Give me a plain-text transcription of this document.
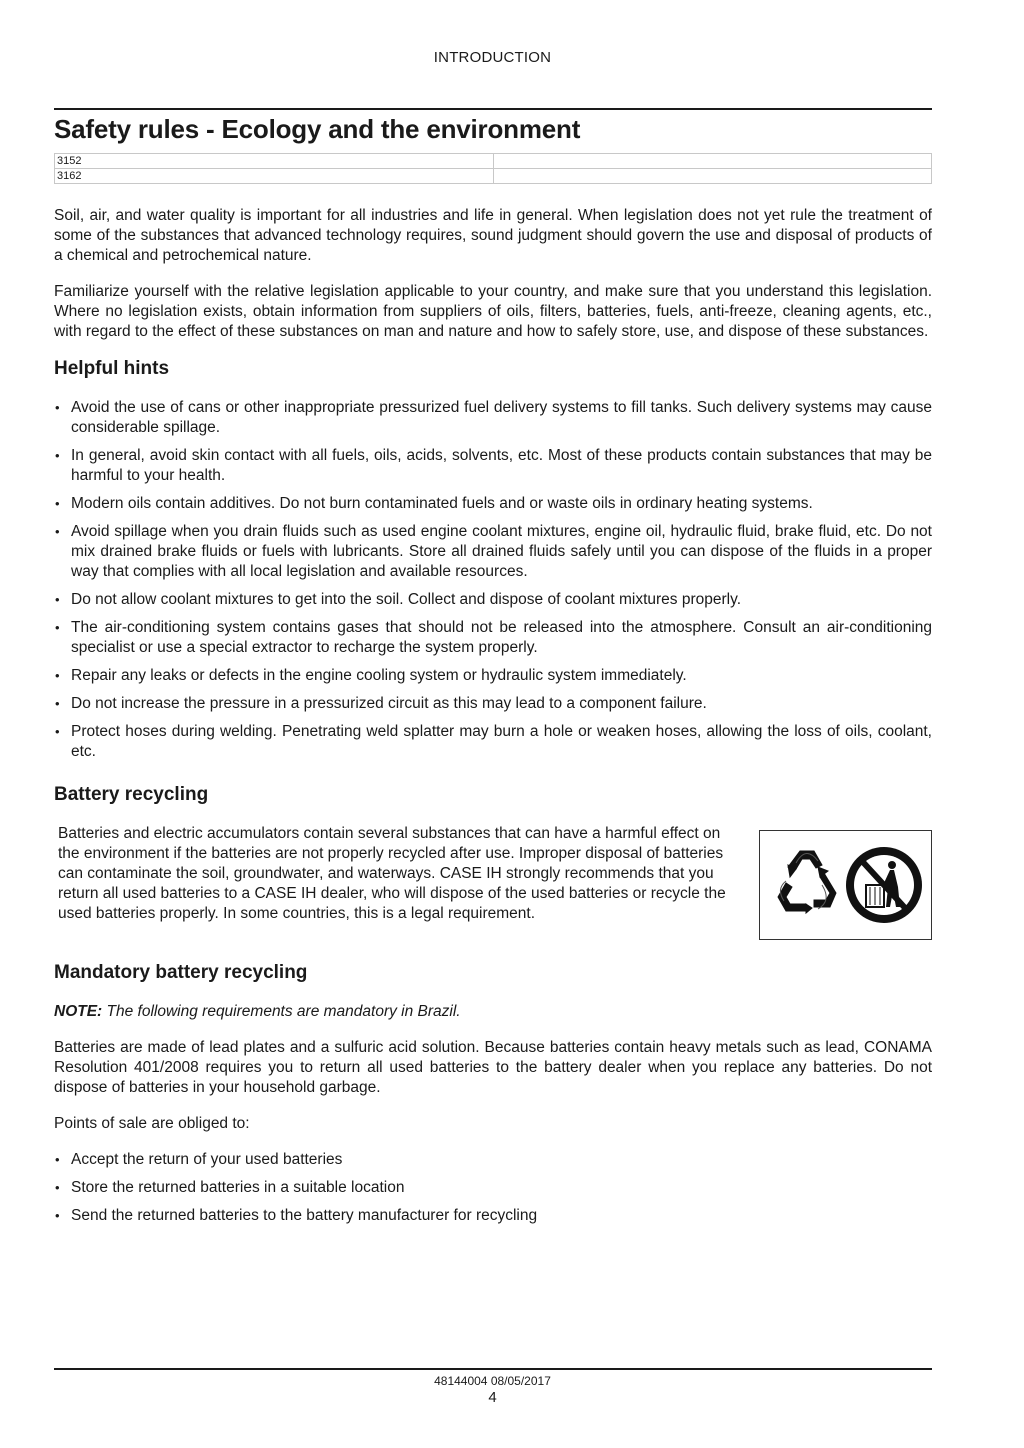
INTRODUCTION
Safety rules - Ecology and the environment
3152	
3162	

Soil, air, and water quality is important for all industries and life in general. When legislation does not yet rule the treatment of some of the substances that advanced technology requires, sound judgment should govern the use and disposal of products of a chemical and petrochemical nature.

Familiarize yourself with the relative legislation applicable to your country, and make sure that you understand this legislation. Where no legislation exists, obtain information from suppliers of oils, filters, batteries, fuels, anti-freeze, cleaning agents, etc., with regard to the effect of these substances on man and nature and how to safely store, use, and dispose of these substances.

Helpful hints
• Avoid the use of cans or other inappropriate pressurized fuel delivery systems to fill tanks. Such delivery systems may cause considerable spillage.
• In general, avoid skin contact with all fuels, oils, acids, solvents, etc. Most of these products contain substances that may be harmful to your health.
• Modern oils contain additives. Do not burn contaminated fuels and or waste oils in ordinary heating systems.
• Avoid spillage when you drain fluids such as used engine coolant mixtures, engine oil, hydraulic fluid, brake fluid, etc. Do not mix drained brake fluids or fuels with lubricants. Store all drained fluids safely until you can dispose of the fluids in a proper way that complies with all local legislation and available resources.
• Do not allow coolant mixtures to get into the soil. Collect and dispose of coolant mixtures properly.
• The air-conditioning system contains gases that should not be released into the atmosphere. Consult an air-conditioning specialist or use a special extractor to recharge the system properly.
• Repair any leaks or defects in the engine cooling system or hydraulic system immediately.
• Do not increase the pressure in a pressurized circuit as this may lead to a component failure.
• Protect hoses during welding. Penetrating weld splatter may burn a hole or weaken hoses, allowing the loss of oils, coolant, etc.
Battery recycling
Batteries and electric accumulators contain several substances that can have a harmful effect on the environment if the batteries are not properly recycled after use. Improper disposal of batteries can contaminate the soil, groundwater, and waterways. CASE IH strongly recommends that you return all used batteries to a CASE IH dealer, who will dispose of the used batteries or recycle the used batteries properly. In some countries, this is a legal requirement.
Mandatory battery recycling

NOTE: The following requirements are mandatory in Brazil.

Batteries are made of lead plates and a sulfuric acid solution. Because batteries contain heavy metals such as lead, CONAMA Resolution 401/2008 requires you to return all used batteries to the battery dealer when you replace any batteries. Do not dispose of batteries in your household garbage.

Points of sale are obliged to:

• Accept the return of your used batteries
• Store the returned batteries in a suitable location
• Send the returned batteries to the battery manufacturer for recycling
48144004 08/05/2017
4
